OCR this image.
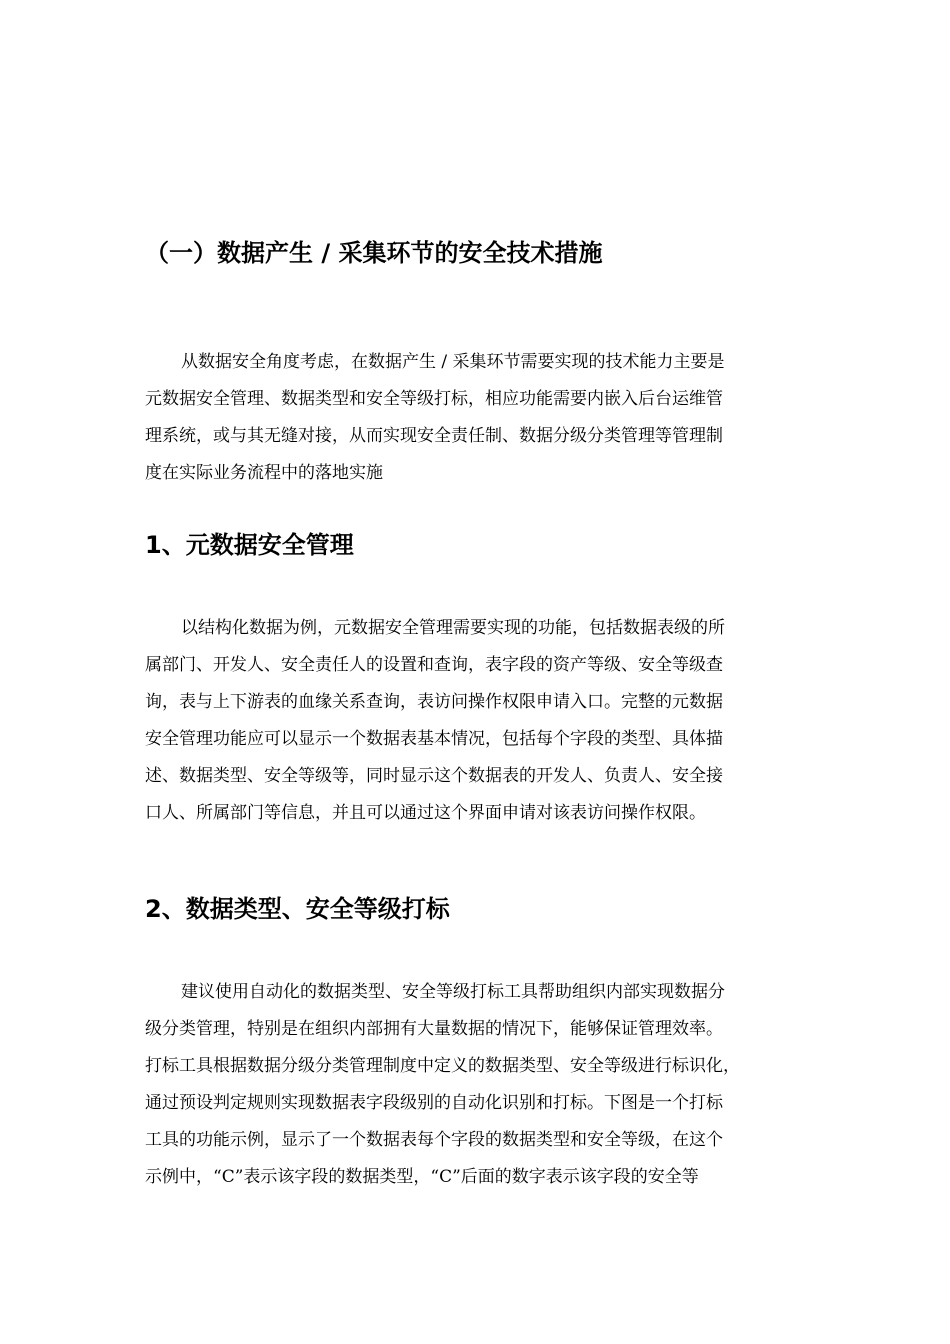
（一）数据产生 / 采集环节的安全技术措施
从数据安全角度考虑，在数据产生 / 采集环节需要实现的技术能力主要是
元数据安全管理、数据类型和安全等级打标，相应功能需要内嵌入后台运维管
理系统，或与其无缝对接，从而实现安全责任制、数据分级分类管理等管理制
度在实际业务流程中的落地实施
1、元数据安全管理
以结构化数据为例，元数据安全管理需要实现的功能，包括数据表级的所
属部门、开发人、安全责任人的设置和查询，表字段的资产等级、安全等级查
询，表与上下游表的血缘关系查询，表访问操作权限申请入口。完整的元数据
安全管理功能应可以显示一个数据表基本情况，包括每个字段的类型、具体描
述、数据类型、安全等级等，同时显示这个数据表的开发人、负责人、安全接
口人、所属部门等信息，并且可以通过这个界面申请对该表访问操作权限。
2、数据类型、安全等级打标
建议使用自动化的数据类型、安全等级打标工具帮助组织内部实现数据分
级分类管理，特别是在组织内部拥有大量数据的情况下，能够保证管理效率。
打标工具根据数据分级分类管理制度中定义的数据类型、安全等级进行标识化，
通过预设判定规则实现数据表字段级别的自动化识别和打标。下图是一个打标
工具的功能示例，显示了一个数据表每个字段的数据类型和安全等级，在这个
示例中，“C”表示该字段的数据类型，“C”后面的数字表示该字段的安全等
